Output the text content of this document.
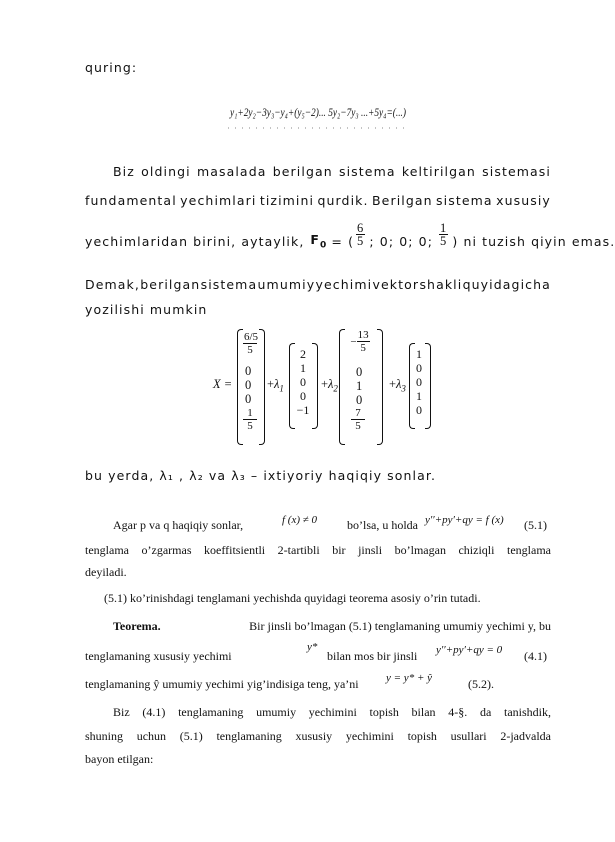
quring:
y₁+2y₂−3y₃−y₄+(y₅−2)... 5y₂−7y₃ ...+5y₄=(...)
Biz oldingi masalada berilgan sistema keltirilgan sistemasi
fundamental yechimlari tizimini qurdik. Berilgan sistema xususiy
yechimlaridan birini, aytaylik, $F_0$ = ( $\frac{6}{5}$ ; 0; 0; 0; $\frac{1}{5}$ ) ni tuzish qiyin emas.
Demak, berilgan sistema umumiy yechimi vektor shakli quyidagicha
yozilishi mumkin
X =
$\frac{6/5}{5}$
0
0
0
$\frac{1}{5}$
+ $\lambda_1$
2
1
0
0
−1
+ $\lambda_2$
− $\frac{13}{5}$
0
1
0
$\frac{7}{5}$
+ $\lambda_3$
1
0
0
1
0
bu yerda, λ₁ , λ₂ va λ₃ – ixtiyoriy haqiqiy sonlar.
Agar p va q haqiqiy sonlar,	f (x) ≠ 0 bo’lsa, u holda y′′+py′+qy = f (x) (5.1)
tenglama o’zgarmas koeffitsientli 2-tartibli bir jinsli bo’lmagan chiziqli tenglama
deyiladi.
(5.1) ko’rinishdagi tenglamani yechishda quyidagi teorema asosiy o’rin tutadi.
Teorema.	Bir jinsli bo’lmagan (5.1) tenglamaning umumiy yechimi y, bu
tenglamaning xususiy yechimi
y*
bilan mos bir jinsli y′′+py′+qy = 0 (4.1)
tenglamaning ŷ umumiy yechimi yig’indisiga teng, ya’ni y = y* + ŷ	(5.2).
Biz (4.1) tenglamaning umumiy yechimini topish bilan 4-§. da tanishdik,
shuning uchun (5.1) tenglamaning xususiy yechimini topish usullari 2-jadvalda
bayon etilgan:
